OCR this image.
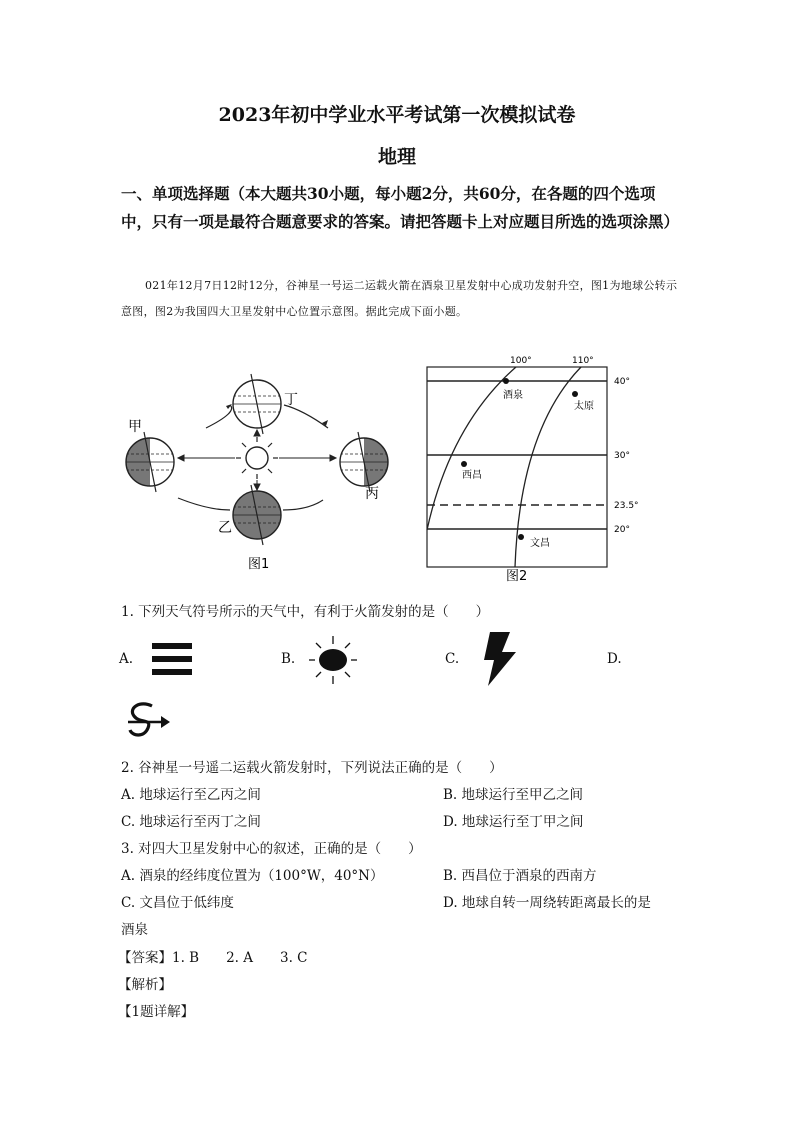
2023年初中学业水平考试第一次模拟试卷
地理
一、单项选择题（本大题共30小题，每小题2分，共60分，在各题的四个选项中，只有一项是最符合题意要求的答案。请把答题卡上对应题目所选的选项涂黑）

021年12月7日12时12分，谷神星一号运二运载火箭在酒泉卫星发射中心成功发射升空，图1为地球公转示意图，图2为我国四大卫星发射中心位置示意图。据此完成下面小题。

甲
乙
丙
丁
图1
100°	110°
40°
30°
23.5°
20°
酒泉
太原
西昌
文昌
图2
1. 下列天气符号所示的天气中，有利于火箭发射的是（　　）
A.	B.	C.	D.
2. 谷神星一号遥二运载火箭发射时，下列说法正确的是（　　）
A. 地球运行至乙丙之间	B. 地球运行至甲乙之间
C. 地球运行至丙丁之间	D. 地球运行至丁甲之间
3. 对四大卫星发射中心的叙述，正确的是（　　）
A. 酒泉的经纬度位置为（100°W，40°N）	B. 西昌位于酒泉的西南方
C. 文昌位于低纬度	D. 地球自转一周绕转距离最长的是
酒泉
【答案】1. B　　2. A　　3. C
【解析】
【1题详解】
